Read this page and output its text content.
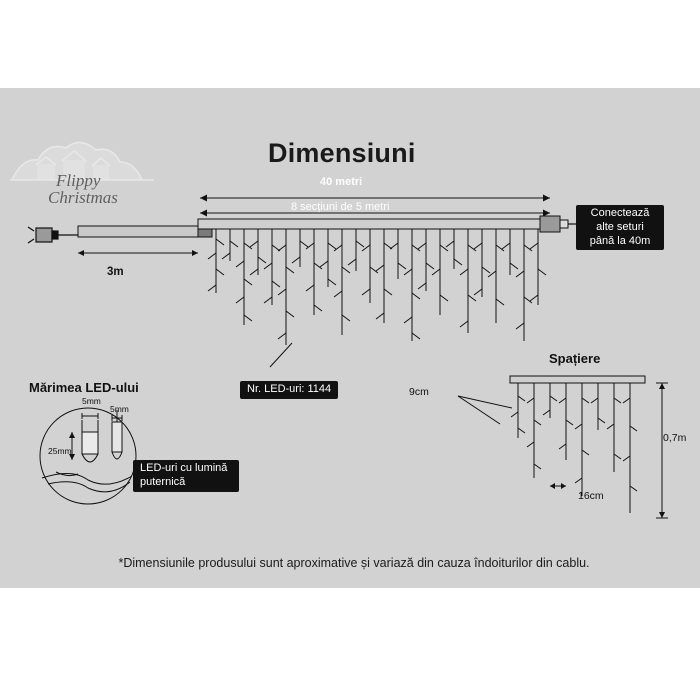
Flippy
Christmas
Dimensiuni
40 metri
8 secțiuni de 5 metri
3m
Conectează
alte seturi
până la 40m
Nr. LED-uri: 1144
Mărimea LED-ului
5mm
5mm
25mm
LED-uri cu lumină
puternică
Spațiere
9cm
16cm
0,7m
*Dimensiunile produsului sunt aproximative și variază din cauza îndoiturilor din cablu.
